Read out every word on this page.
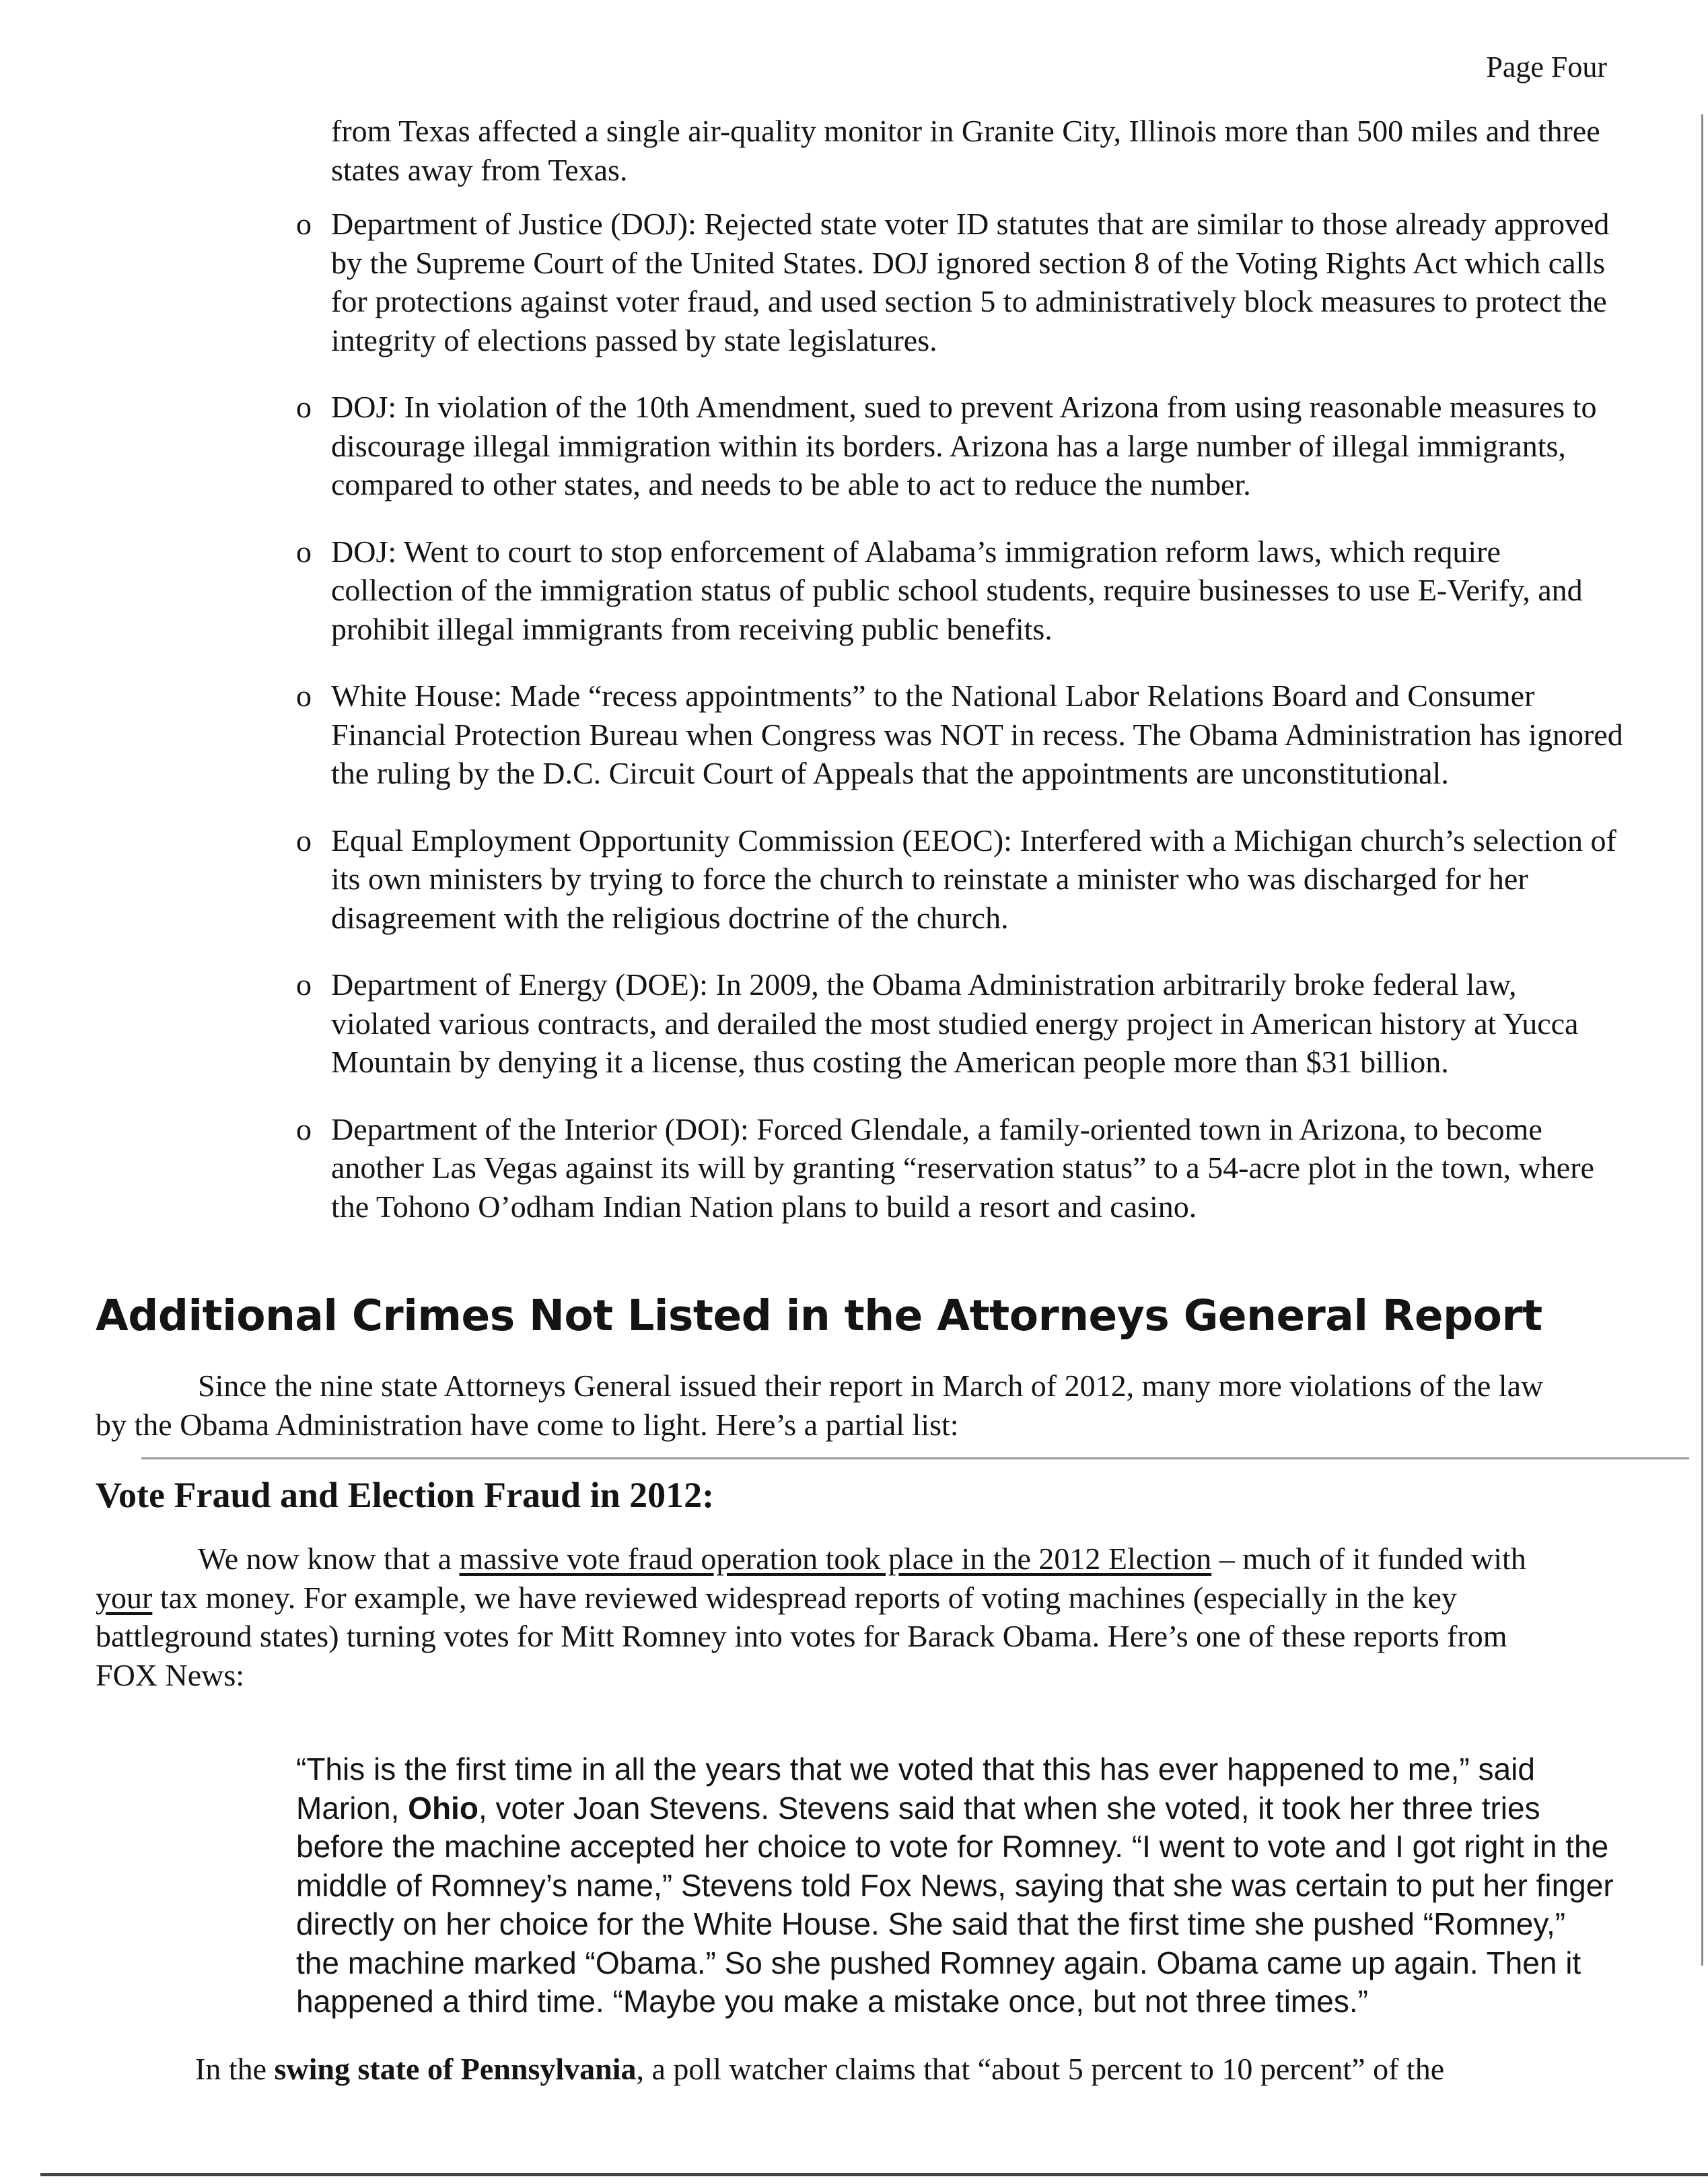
Page Four
from Texas affected a single air-quality monitor in Granite City, Illinois more than 500 miles and three states away from Texas.
o Department of Justice (DOJ): Rejected state voter ID statutes that are similar to those already approved by the Supreme Court of the United States. DOJ ignored section 8 of the Voting Rights Act which calls for protections against voter fraud, and used section 5 to administratively block measures to protect the integrity of elections passed by state legislatures.
o DOJ: In violation of the 10th Amendment, sued to prevent Arizona from using reasonable measures to discourage illegal immigration within its borders. Arizona has a large number of illegal immigrants, compared to other states, and needs to be able to act to reduce the number.
o DOJ: Went to court to stop enforcement of Alabama’s immigration reform laws, which require collection of the immigration status of public school students, require businesses to use E-Verify, and prohibit illegal immigrants from receiving public benefits.
o White House: Made “recess appointments” to the National Labor Relations Board and Consumer Financial Protection Bureau when Congress was NOT in recess. The Obama Administration has ignored the ruling by the D.C. Circuit Court of Appeals that the appointments are unconstitutional.
o Equal Employment Opportunity Commission (EEOC): Interfered with a Michigan church’s selection of its own ministers by trying to force the church to reinstate a minister who was discharged for her disagreement with the religious doctrine of the church.
o Department of Energy (DOE): In 2009, the Obama Administration arbitrarily broke federal law, violated various contracts, and derailed the most studied energy project in American history at Yucca Mountain by denying it a license, thus costing the American people more than $31 billion.
o Department of the Interior (DOI): Forced Glendale, a family-oriented town in Arizona, to become another Las Vegas against its will by granting “reservation status” to a 54-acre plot in the town, where the Tohono O’odham Indian Nation plans to build a resort and casino.
Additional Crimes Not Listed in the Attorneys General Report
Since the nine state Attorneys General issued their report in March of 2012, many more violations of the law by the Obama Administration have come to light. Here’s a partial list:
Vote Fraud and Election Fraud in 2012:
We now know that a massive vote fraud operation took place in the 2012 Election – much of it funded with your tax money. For example, we have reviewed widespread reports of voting machines (especially in the key battleground states) turning votes for Mitt Romney into votes for Barack Obama. Here’s one of these reports from FOX News:
“This is the first time in all the years that we voted that this has ever happened to me,” said Marion, Ohio, voter Joan Stevens. Stevens said that when she voted, it took her three tries before the machine accepted her choice to vote for Romney. “I went to vote and I got right in the middle of Romney’s name,” Stevens told Fox News, saying that she was certain to put her finger directly on her choice for the White House. She said that the first time she pushed “Romney,” the machine marked “Obama.” So she pushed Romney again. Obama came up again. Then it happened a third time. “Maybe you make a mistake once, but not three times.”
In the swing state of Pennsylvania, a poll watcher claims that “about 5 percent to 10 percent” of the
